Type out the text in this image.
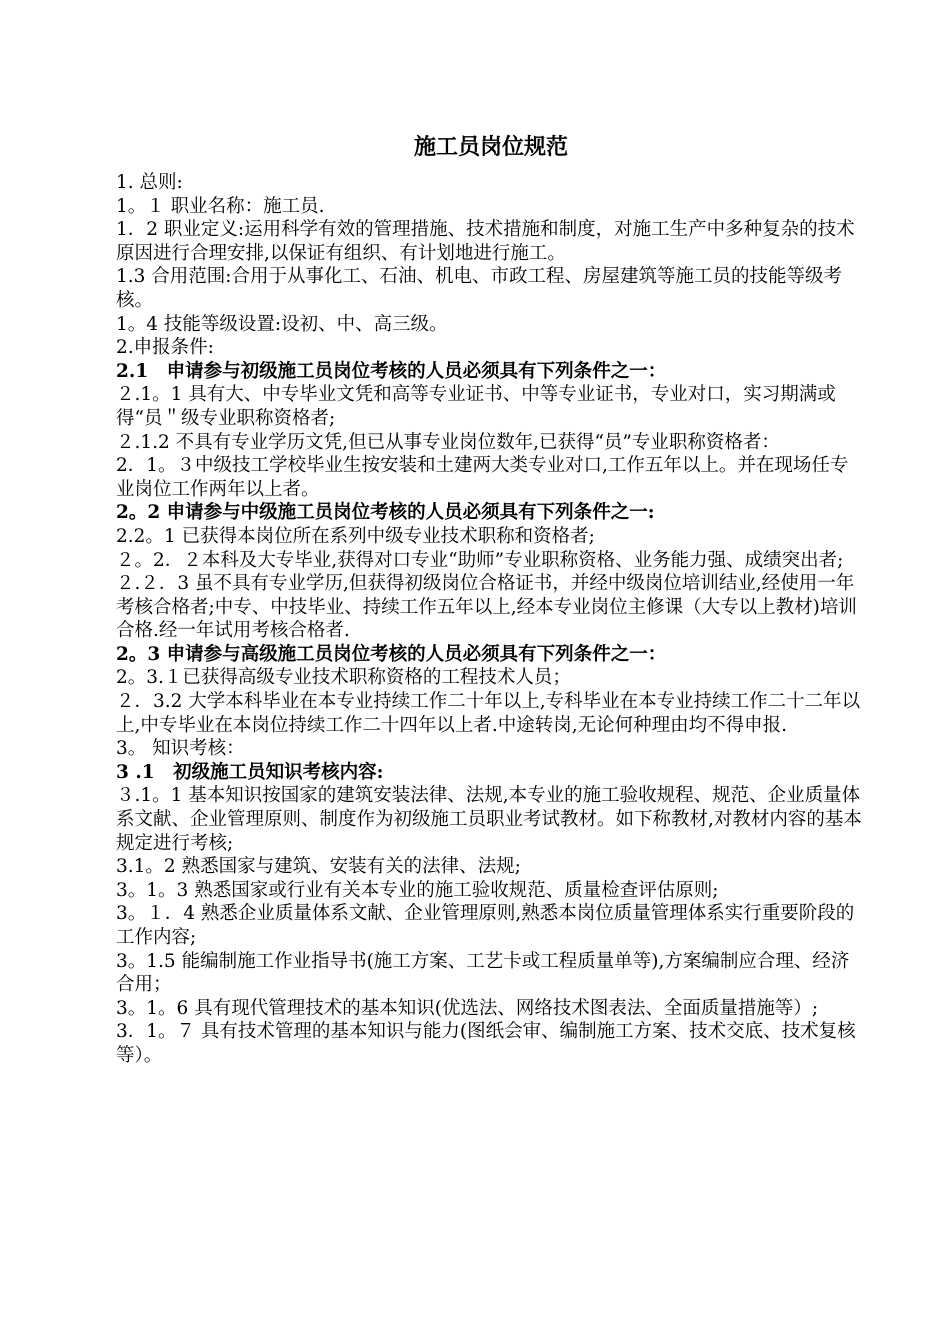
施工员岗位规范

1. 总则:

1。１ 职业名称：施工员.

1．2 职业定义:运用科学有效的管理措施、技术措施和制度，对施工生产中多种复杂的技术原因进行合理安排,以保证有组织、有计划地进行施工。

1.3 合用范围:合用于从事化工、石油、机电、市政工程、房屋建筑等施工员的技能等级考核。

1。4 技能等级设置:设初、中、高三级。

2.申报条件:

2.1　申请参与初级施工员岗位考核的人员必须具有下列条件之一：

２.1。1 具有大、中专毕业文凭和高等专业证书、中等专业证书，专业对口，实习期满或得“员＂级专业职称资格者;

２.1.2 不具有专业学历文凭,但已从事专业岗位数年,已获得“员”专业职称资格者：

2．1。３中级技工学校毕业生按安装和土建两大类专业对口,工作五年以上。并在现场任专业岗位工作两年以上者。

2。2 申请参与中级施工员岗位考核的人员必须具有下列条件之一:

2.2。1 已获得本岗位所在系列中级专业技术职称和资格者;

２。2．２本科及大专毕业,获得对口专业“助师”专业职称资格、业务能力强、成绩突出者;

２.２．3 虽不具有专业学历,但获得初级岗位合格证书，并经中级岗位培训结业,经使用一年考核合格者;中专、中技毕业、持续工作五年以上,经本专业岗位主修课（大专以上教材)培训合格.经一年试用考核合格者.

2。3 申请参与高级施工员岗位考核的人员必须具有下列条件之一：

2。3.１已获得高级专业技术职称资格的工程技术人员；

２．3.2 大学本科毕业在本专业持续工作二十年以上,专科毕业在本专业持续工作二十二年以上,中专毕业在本岗位持续工作二十四年以上者.中途转岗,无论何种理由均不得申报.

3。 知识考核：

3 .1　初级施工员知识考核内容:

３.1。1 基本知识按国家的建筑安装法律、法规,本专业的施工验收规程、规范、企业质量体系文献、企业管理原则、制度作为初级施工员职业考试教材。如下称教材,对教材内容的基本规定进行考核;

3.1。2 熟悉国家与建筑、安装有关的法律、法规;

3。1。3 熟悉国家或行业有关本专业的施工验收规范、质量检查评估原则;

3。１．4 熟悉企业质量体系文献、企业管理原则,熟悉本岗位质量管理体系实行重要阶段的工作内容;

3。1.5 能编制施工作业指导书(施工方案、工艺卡或工程质量单等),方案编制应合理、经济合用；

3。1。6 具有现代管理技术的基本知识(优选法、网络技术图表法、全面质量措施等）;

3．1。７ 具有技术管理的基本知识与能力(图纸会审、编制施工方案、技术交底、技术复核等）。
